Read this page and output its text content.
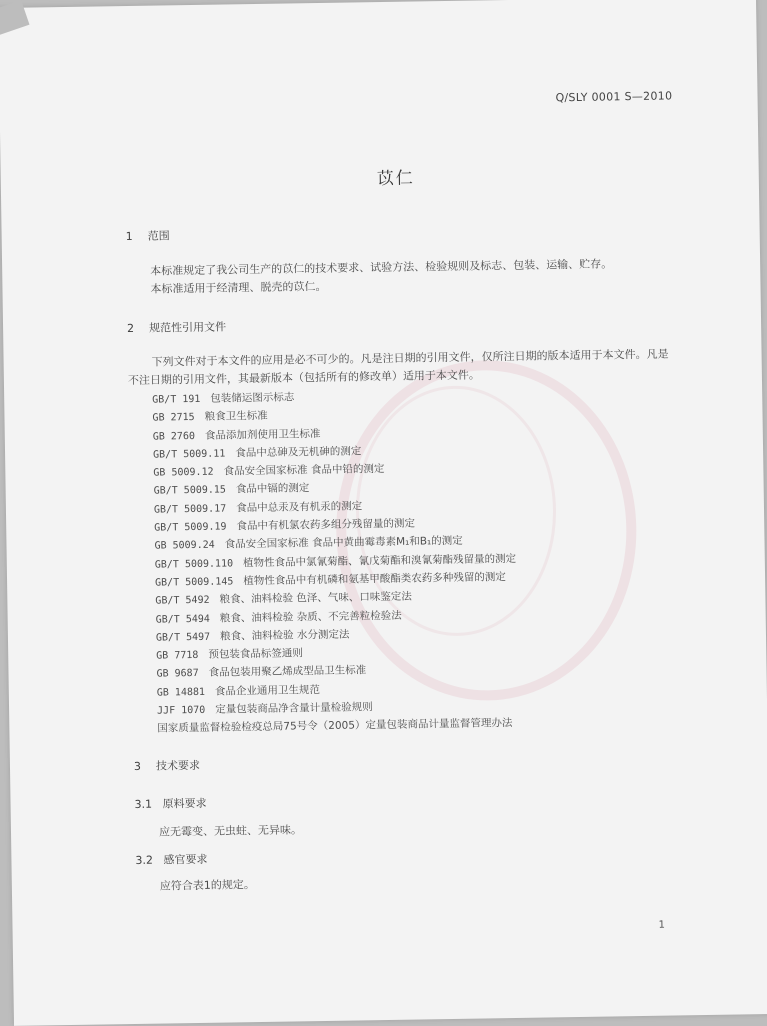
Q/SLY 0001 S—2010
苡仁
1 范围
本标准规定了我公司生产的苡仁的技术要求、试验方法、检验规则及标志、包装、运输、贮存。
本标准适用于经清理、脱壳的苡仁。
2 规范性引用文件
下列文件对于本文件的应用是必不可少的。凡是注日期的引用文件，仅所注日期的版本适用于本文件。凡是不注日期的引用文件，其最新版本（包括所有的修改单）适用于本文件。
GB/T 191 包装储运图示标志
GB 2715 粮食卫生标准
GB 2760 食品添加剂使用卫生标准
GB/T 5009.11 食品中总砷及无机砷的测定
GB 5009.12 食品安全国家标准 食品中铅的测定
GB/T 5009.15 食品中镉的测定
GB/T 5009.17 食品中总汞及有机汞的测定
GB/T 5009.19 食品中有机氯农药多组分残留量的测定
GB 5009.24 食品安全国家标准 食品中黄曲霉毒素M₁和B₁的测定
GB/T 5009.110 植物性食品中氯氰菊酯、氰戊菊酯和溴氰菊酯残留量的测定
GB/T 5009.145 植物性食品中有机磷和氨基甲酸酯类农药多种残留的测定
GB/T 5492 粮食、油料检验 色泽、气味、口味鉴定法
GB/T 5494 粮食、油料检验 杂质、不完善粒检验法
GB/T 5497 粮食、油料检验 水分测定法
GB 7718 预包装食品标签通则
GB 9687 食品包装用聚乙烯成型品卫生标准
GB 14881 食品企业通用卫生规范
JJF 1070 定量包装商品净含量计量检验规则
国家质量监督检验检疫总局75号令（2005）定量包装商品计量监督管理办法
3 技术要求
3.1 原料要求
应无霉变、无虫蛀、无异味。
3.2 感官要求
应符合表1的规定。
1
